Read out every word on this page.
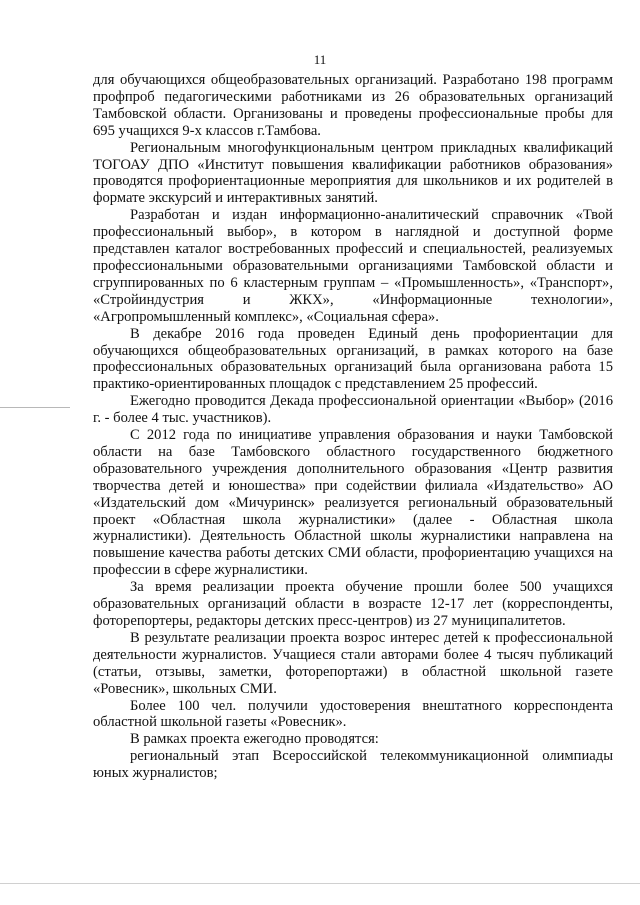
11

для обучающихся общеобразовательных организаций. Разработано 198 программ профпроб педагогическими работниками из 26 образовательных организаций Тамбовской области. Организованы и проведены профессиональные пробы для 695 учащихся 9-х классов г.Тамбова.

Региональным многофункциональным центром прикладных квалификаций ТОГОАУ ДПО «Институт повышения квалификации работников образования» проводятся профориентационные мероприятия для школьников и их родителей в формате экскурсий и интерактивных занятий.

Разработан и издан информационно-аналитический справочник «Твой профессиональный выбор», в котором в наглядной и доступной форме представлен каталог востребованных профессий и специальностей, реализуемых профессиональными образовательными организациями Тамбовской области и сгруппированных по 6 кластерным группам – «Промышленность», «Транспорт», «Стройиндустрия и ЖКХ», «Информационные технологии», «Агропромышленный комплекс», «Социальная сфера».

В декабре 2016 года проведен Единый день профориентации для обучающихся общеобразовательных организаций, в рамках которого на базе профессиональных образовательных организаций была организована работа 15 практико-ориентированных площадок с представлением 25 профессий.

Ежегодно проводится Декада профессиональной ориентации «Выбор» (2016 г. - более 4 тыс. участников).

С 2012 года по инициативе управления образования и науки Тамбовской области на базе Тамбовского областного государственного бюджетного образовательного учреждения дополнительного образования «Центр развития творчества детей и юношества» при содействии филиала «Издательство» АО «Издательский дом «Мичуринск» реализуется региональный образовательный проект «Областная школа журналистики» (далее - Областная школа журналистики). Деятельность Областной школы журналистики направлена на повышение качества работы детских СМИ области, профориентацию учащихся на профессии в сфере журналистики.

За время реализации проекта обучение прошли более 500 учащихся образовательных организаций области в возрасте 12-17 лет (корреспонденты, фоторепортеры, редакторы детских пресс-центров) из 27 муниципалитетов.

В результате реализации проекта возрос интерес детей к профессиональной деятельности журналистов. Учащиеся стали авторами более 4 тысяч публикаций (статьи, отзывы, заметки, фоторепортажи) в областной школьной газете «Ровесник», школьных СМИ.

Более 100 чел. получили удостоверения внештатного корреспондента областной школьной газеты «Ровесник».

В рамках проекта ежегодно проводятся:

региональный этап Всероссийской телекоммуникационной олимпиады юных журналистов;
